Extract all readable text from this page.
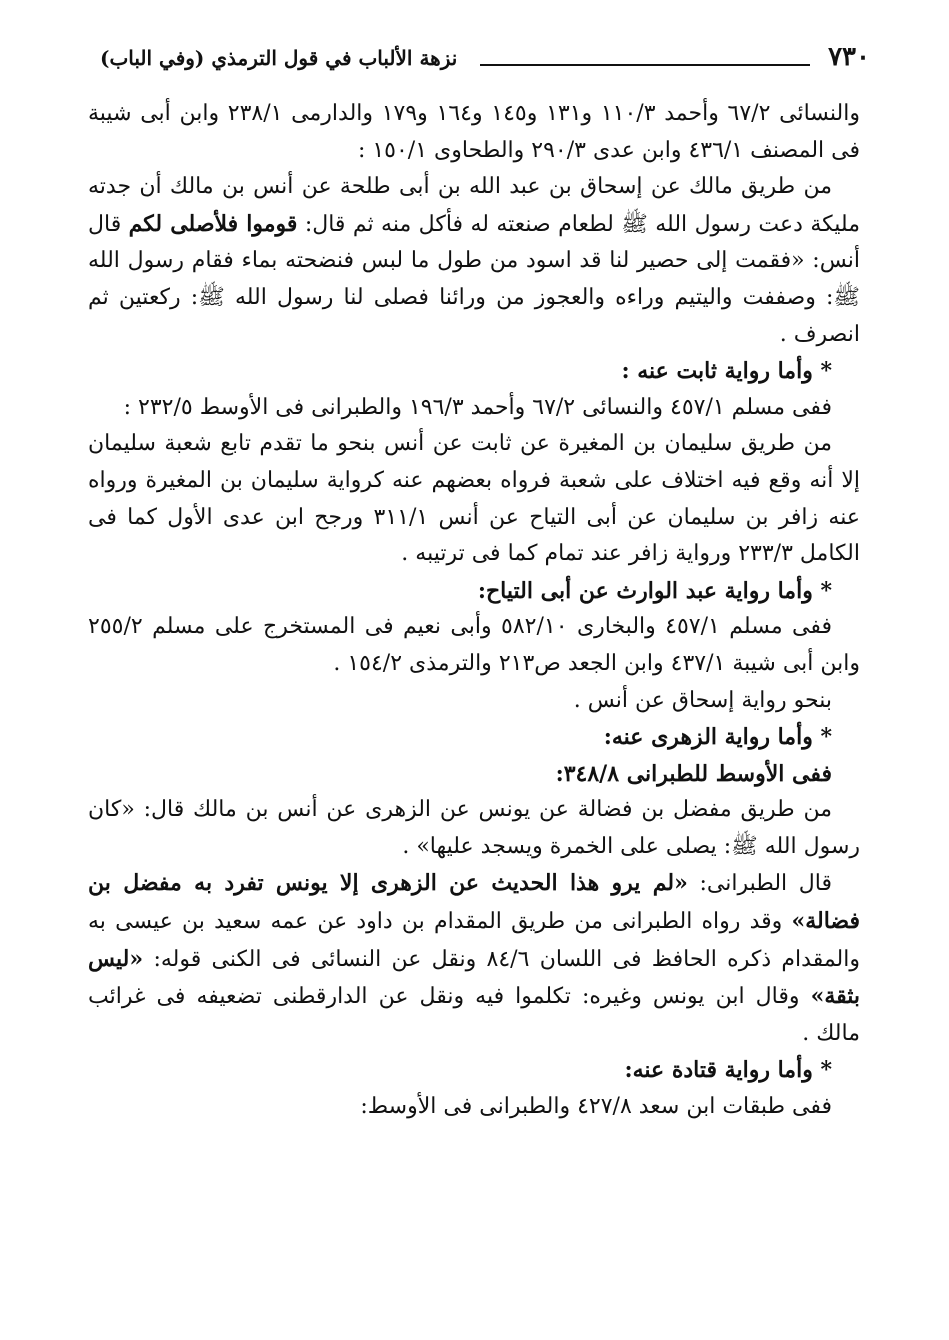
٧٣٠
نزهة الألباب في قول الترمذي (وفي الباب)

والنسائى ٦٧/٢ وأحمد ١١٠/٣ و١٣١ و١٤٥ و١٦٤ و١٧٩ والدارمى ٢٣٨/١ وابن أبى شيبة فى المصنف ٤٣٦/١ وابن عدى ٢٩٠/٣ والطحاوى ١٥٠/١ :

من طريق مالك عن إسحاق بن عبد الله بن أبى طلحة عن أنس بن مالك أن جدته مليكة دعت رسول الله ﷺ لطعام صنعته له فأكل منه ثم قال: قوموا فلأصلى لكم قال أنس: «فقمت إلى حصير لنا قد اسود من طول ما لبس فنضحته بماء فقام رسول الله ﷺ: وصففت واليتيم وراءه والعجوز من ورائنا فصلى لنا رسول الله ﷺ: ركعتين ثم انصرف .

* وأما رواية ثابت عنه :

ففى مسلم ٤٥٧/١ والنسائى ٦٧/٢ وأحمد ١٩٦/٣ والطبرانى فى الأوسط ٢٣٢/٥ :

من طريق سليمان بن المغيرة عن ثابت عن أنس بنحو ما تقدم تابع شعبة سليمان إلا أنه وقع فيه اختلاف على شعبة فرواه بعضهم عنه كرواية سليمان بن المغيرة ورواه عنه زافر بن سليمان عن أبى التياح عن أنس ٣١١/١ ورجح ابن عدى الأول كما فى الكامل ٢٣٣/٣ ورواية زافر عند تمام كما فى ترتيبه .

* وأما رواية عبد الوارث عن أبى التياح:

ففى مسلم ٤٥٧/١ والبخارى ٥٨٢/١٠ وأبى نعيم فى المستخرج على مسلم ٢٥٥/٢ وابن أبى شيبة ٤٣٧/١ وابن الجعد ص٢١٣ والترمذى ١٥٤/٢ .

بنحو رواية إسحاق عن أنس .

* وأما رواية الزهرى عنه:

ففى الأوسط للطبرانى ٣٤٨/٨:

من طريق مفضل بن فضالة عن يونس عن الزهرى عن أنس بن مالك قال: «كان رسول الله ﷺ: يصلى على الخمرة ويسجد عليها» .

قال الطبرانى: «لم يرو هذا الحديث عن الزهرى إلا يونس تفرد به مفضل بن فضالة» وقد رواه الطبرانى من طريق المقدام بن داود عن عمه سعيد بن عيسى به والمقدام ذكره الحافظ فى اللسان ٨٤/٦ ونقل عن النسائى فى الكنى قوله: «ليس بثقة» وقال ابن يونس وغيره: تكلموا فيه ونقل عن الدارقطنى تضعيفه فى غرائب مالك .

* وأما رواية قتادة عنه:

ففى طبقات ابن سعد ٤٢٧/٨ والطبرانى فى الأوسط:
